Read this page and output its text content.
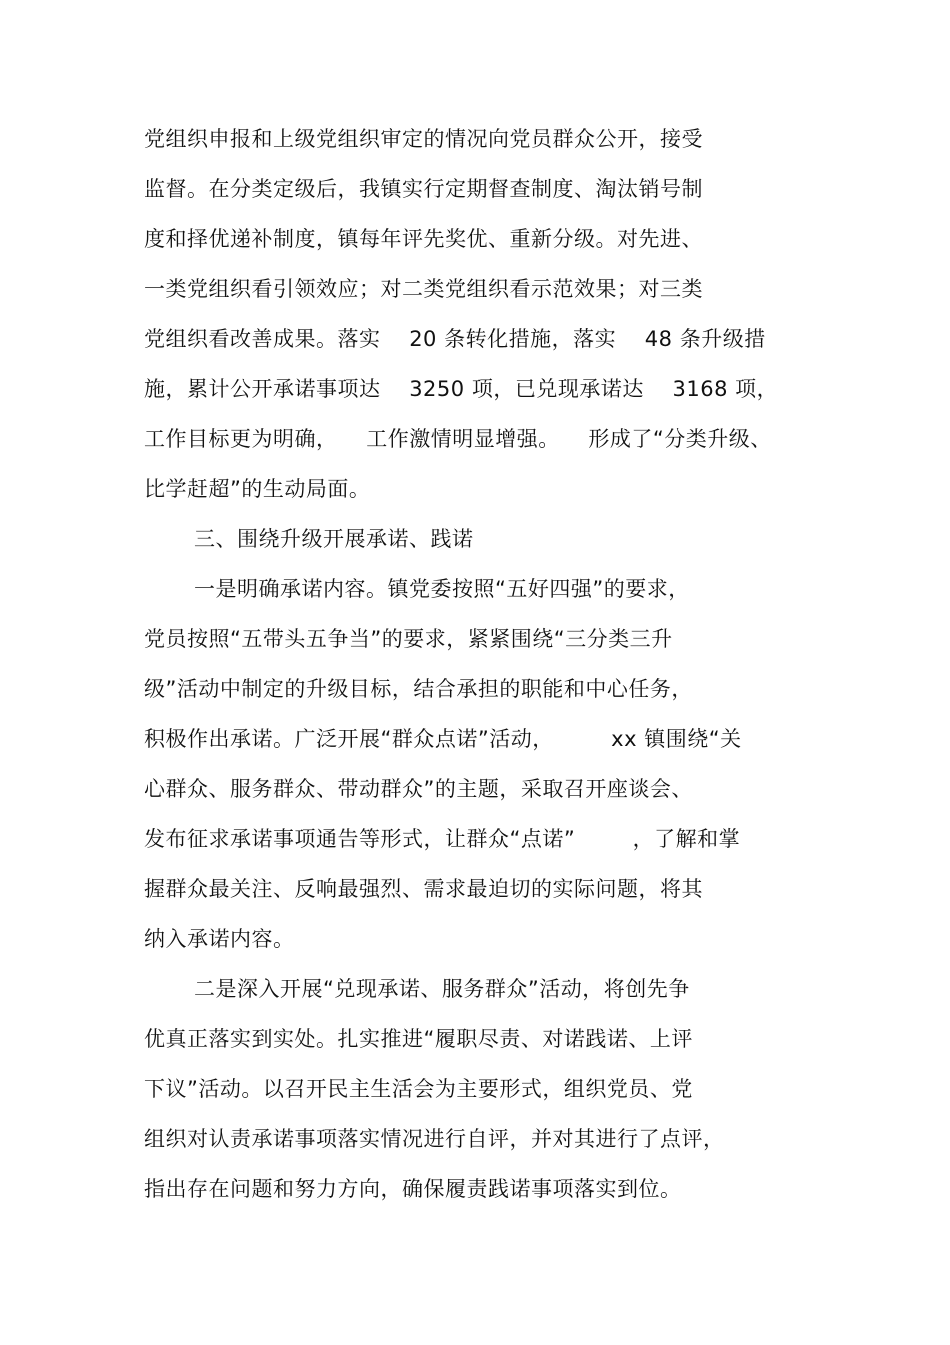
党组织申报和上级党组织审定的情况向党员群众公开，接受
监督。在分类定级后，我镇实行定期督查制度、淘汰销号制
度和择优递补制度，镇每年评先奖优、重新分级。对先进、
一类党组织看引领效应；对二类党组织看示范效果；对三类
党组织看改善成果。落实    20 条转化措施，落实    48 条升级措
施，累计公开承诺事项达    3250 项，已兑现承诺达    3168 项，
工作目标更为明确，    工作激情明显增强。    形成了“分类升级、
比学赶超”的生动局面。
三、围绕升级开展承诺、践诺
一是明确承诺内容。镇党委按照“五好四强”的要求，
党员按照“五带头五争当”的要求，紧紧围绕“三分类三升
级”活动中制定的升级目标，结合承担的职能和中心任务，
积极作出承诺。广泛开展“群众点诺”活动，        xx 镇围绕“关
心群众、服务群众、带动群众”的主题，采取召开座谈会、
发布征求承诺事项通告等形式，让群众“点诺”        ，了解和掌
握群众最关注、反响最强烈、需求最迫切的实际问题，将其
纳入承诺内容。
二是深入开展“兑现承诺、服务群众”活动，将创先争
优真正落实到实处。扎实推进“履职尽责、对诺践诺、上评
下议”活动。以召开民主生活会为主要形式，组织党员、党
组织对认责承诺事项落实情况进行自评，并对其进行了点评，
指出存在问题和努力方向，确保履责践诺事项落实到位。
